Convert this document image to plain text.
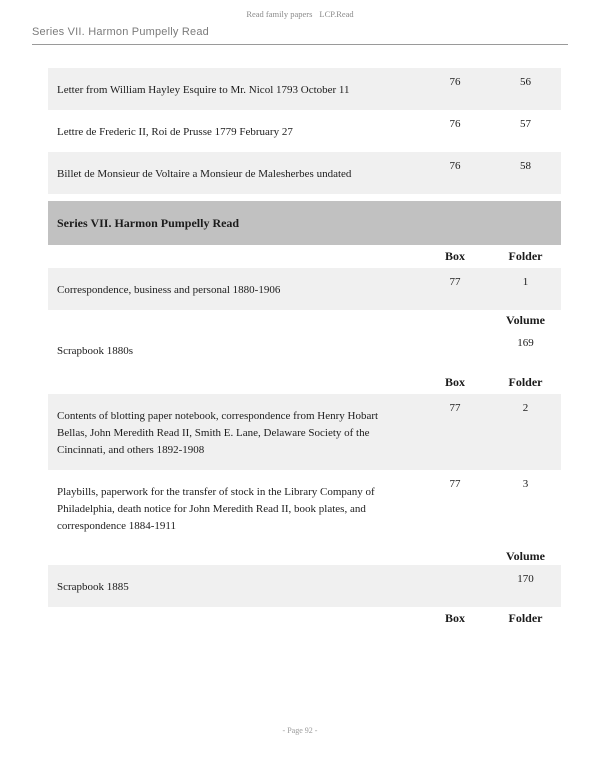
Read family papers LCP.Read
Series VII. Harmon Pumpelly Read
Letter from William Hayley Esquire to Mr. Nicol 1793 October 11	76	56
Lettre de Frederic II, Roi de Prusse 1779 February 27	76	57
Billet de Monsieur de Voltaire a Monsieur de Malesherbes undated	76	58

Series VII. Harmon Pumpelly Read		
	Box	Folder
Correspondence, business and personal 1880-1906	77	1
		Volume
Scrapbook 1880s		169
	Box	Folder
Contents of blotting paper notebook, correspondence from Henry Hobart Bellas, John Meredith Read II, Smith E. Lane, Delaware Society of the Cincinnati, and others 1892-1908	77	2
Playbills, paperwork for the transfer of stock in the Library Company of Philadelphia, death notice for John Meredith Read II, book plates, and correspondence 1884-1911	77	3
		Volume
Scrapbook 1885		170
	Box	Folder
- Page 92 -
